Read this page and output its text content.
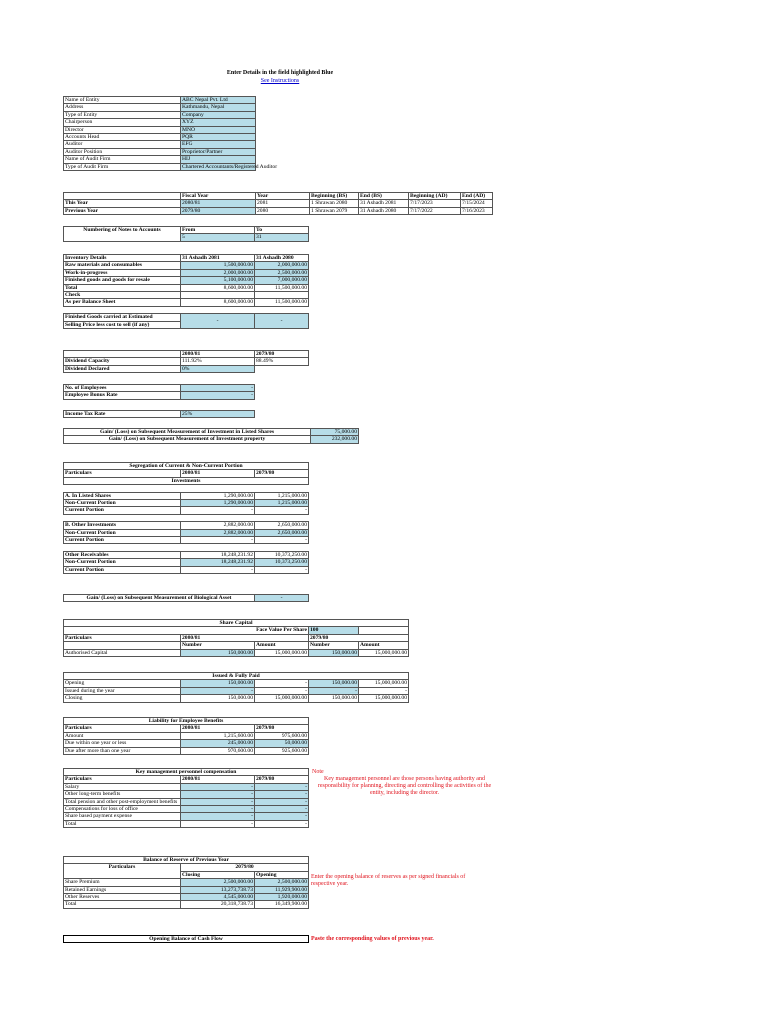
Enter Details in the field highlighted Blue
See Instructions
Name of Entity	ABC Nepal Pvt. Ltd
Address	Kathmandu, Nepal
Type of Entity	Company
Chairperson	XYZ
Director	MNO
Accounts Head	PQR
Auditor	EFG
Auditor Position	Proprietor/Partner
Name of Audit Firm	HIJ
Type of Audit Firm	Chartered Accountants/Registered Auditor
	Fiscal Year	Year	Beginning (BS)	End (BS)	Beginning (AD)	End (AD)
This Year	2080/81	2081	1 Shrawan 2080	31 Ashadh 2081	7/17/2023	7/15/2024
Previous Year	2079/80	2080	1 Shrawan 2079	31 Ashadh 2080	7/17/2022	7/16/2023
Numbering of Notes to Accounts	From	To
	5	31
Inventory Details	31 Ashadh 2081	31 Ashadh 2080
Raw materials and consumables	1,500,000.00	2,000,000.00
Work-in-progress	2,000,000.00	2,500,000.00
Finished goods and goods for resale	5,100,000.00	7,000,000.00
Total	8,600,000.00	11,500,000.00
Check		
As per Balance Sheet	8,600,000.00	11,500,000.00

Finished Goods carried at Estimated	-	-
Selling Price less cost to sell (if any)		
	2080/81	2079/80
Dividend Capacity	111.92%	88.49%
Dividend Declared	0%	
No. of Employees	-
Employee Bonus Rate	-
Income Tax Rate	25%
Gain/ (Loss) on Subsequent Measurement of Investment in Listed Shares	75,000.00
Gain/ (Loss) on Subsequent Measurement of Investment property	232,000.00
Segregation of Current & Non-Current Portion		
Particulars	2080/81	2079/80
Investments		

A. In Listed Shares	1,290,000.00	1,215,000.00
Non-Current Portion	1,290,000.00	1,215,000.00
Current Portion	-	-

B. Other Investments	2,882,000.00	2,650,000.00
Non-Current Portion	2,882,000.00	2,650,000.00
Current Portion	-	-

Other Receivables	18,248,231.92	10,373,250.00
Non-Current Portion	18,248,231.92	10,373,250.00
Current Portion	-	-
Gain/ (Loss) on Subsequent Measurement of Biological Asset	-
Share Capital				
Face Value Per Share			100	
Particulars	2080/81		2079/80	
	Number	Amount	Number	Amount
Authorised Capital	150,000.00	15,000,000.00	150,000.00	15,000,000.00
Issued & Fully Paid				
Opening	150,000.00	-	150,000.00	15,000,000.00
Issued during the year	-	-	-	-
Closing	150,000.00	15,000,000.00	150,000.00	15,000,000.00
Liability for Employee Benefits		
Particulars	2080/81	2079/80
Amount	1,215,600.00	975,600.00
Due within one year or less	245,000.00	50,000.00
Due after more than one year	970,600.00	925,600.00
Key management personnel compensation		
Particulars	2080/81	2079/80
Salary	-	-
Other long-term benefits	-	-
Total pension and other post-employment benefits	-	-
Compensations for loss of office	-	-
Share based payment expense	-	-
Total	-	-
Note
Key management personnel are those persons having authority and responsibility for planning, directing and controlling the activities of the entity, including the director.
Balance of Reserve of Previous Year		
Particulars	2079/80	
	Closing	Opening
Share Premium	2,500,000.00	2,500,000.00
Retained Earnings	13,273,738.73	11,929,900.00
Other Reserves	4,545,000.00	1,920,000.00
Total	20,318,738.73	16,349,900.00
Enter the opening balance of reserves as per signed financials of respective year.
Opening Balance of Cash Flow	Paste the corresponding values of previous year.
